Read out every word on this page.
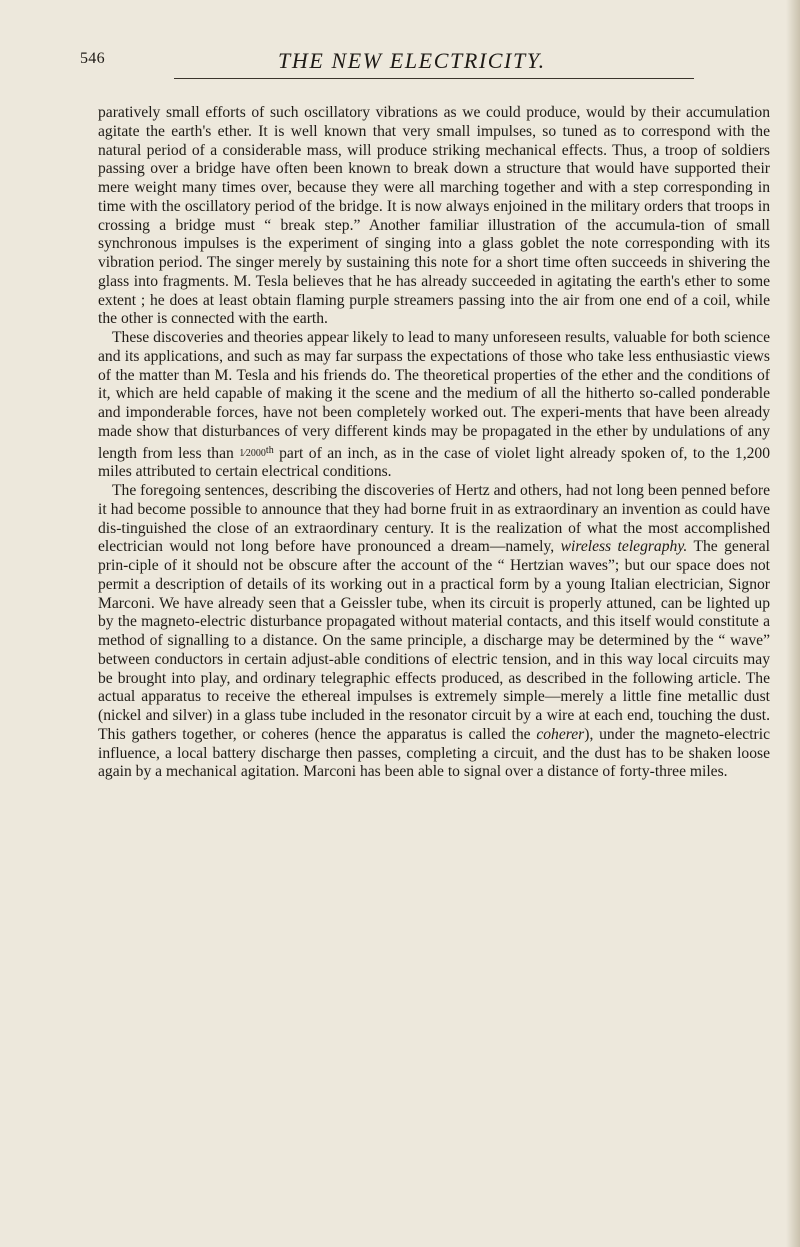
546	THE NEW ELECTRICITY.

paratively small efforts of such oscillatory vibrations as we could produce, would by their accumulation agitate the earth's ether. It is well known that very small impulses, so tuned as to correspond with the natural period of a considerable mass, will produce striking mechanical effects. Thus, a troop of soldiers passing over a bridge have often been known to break down a structure that would have supported their mere weight many times over, because they were all marching together and with a step corresponding in time with the oscillatory period of the bridge. It is now always enjoined in the military orders that troops in crossing a bridge must “ break step.” Another familiar illustration of the accumula-tion of small synchronous impulses is the experiment of singing into a glass goblet the note corresponding with its vibration period. The singer merely by sustaining this note for a short time often succeeds in shivering the glass into fragments. M. Tesla believes that he has already succeeded in agitating the earth's ether to some extent ; he does at least obtain flaming purple streamers passing into the air from one end of a coil, while the other is connected with the earth.

These discoveries and theories appear likely to lead to many unforeseen results, valuable for both science and its applications, and such as may far surpass the expectations of those who take less enthusiastic views of the matter than M. Tesla and his friends do. The theoretical properties of the ether and the conditions of it, which are held capable of making it the scene and the medium of all the hitherto so-called ponderable and imponderable forces, have not been completely worked out. The experi-ments that have been already made show that disturbances of very different kinds may be propagated in the ether by undulations of any length from less than 1⁄2000th part of an inch, as in the case of violet light already spoken of, to the 1,200 miles attributed to certain electrical conditions.

The foregoing sentences, describing the discoveries of Hertz and others, had not long been penned before it had become possible to announce that they had borne fruit in as extraordinary an invention as could have dis-tinguished the close of an extraordinary century. It is the realization of what the most accomplished electrician would not long before have pronounced a dream—namely, wireless telegraphy. The general prin-ciple of it should not be obscure after the account of the “ Hertzian waves”; but our space does not permit a description of details of its working out in a practical form by a young Italian electrician, Signor Marconi. We have already seen that a Geissler tube, when its circuit is properly attuned, can be lighted up by the magneto-electric disturbance propagated without material contacts, and this itself would constitute a method of signalling to a distance. On the same principle, a discharge may be determined by the “ wave” between conductors in certain adjust-able conditions of electric tension, and in this way local circuits may be brought into play, and ordinary telegraphic effects produced, as described in the following article. The actual apparatus to receive the ethereal impulses is extremely simple—merely a little fine metallic dust (nickel and silver) in a glass tube included in the resonator circuit by a wire at each end, touching the dust. This gathers together, or coheres (hence the apparatus is called the coherer), under the magneto-electric influence, a local battery discharge then passes, completing a circuit, and the dust has to be shaken loose again by a mechanical agitation. Marconi has been able to signal over a distance of forty-three miles.
